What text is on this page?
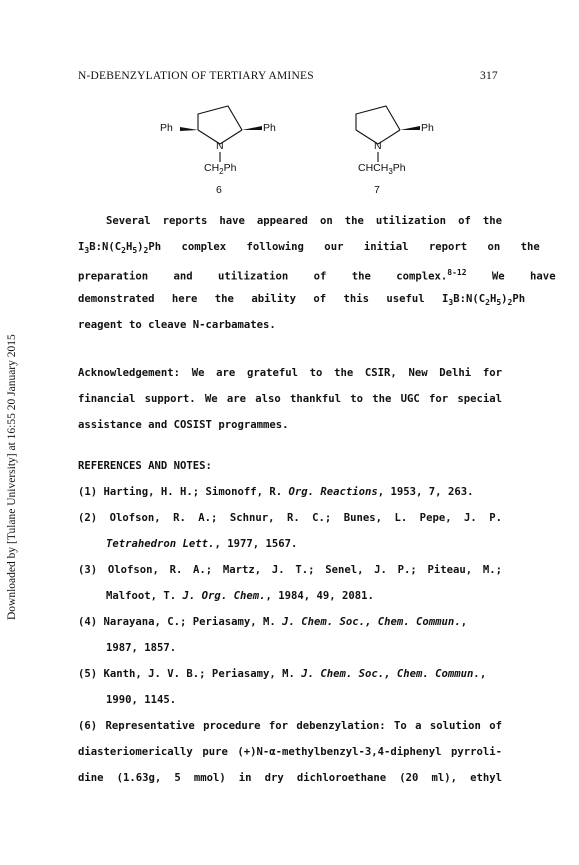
N-DEBENZYLATION OF TERTIARY AMINES	317
Downloaded by [Tulane University] at 16:55 20 January 2015
Ph	Ph
N
$CH_2Ph$
6
Ph
N
$CHCH_3Ph$
7
Several reports have appeared on the utilization of the
$I_3B:N(C_2H_5)_2Ph$ complex following our initial report on the
preparation and utilization of the complex.$^{8-12}$ We have
demonstrated here the ability of this useful $I_3B:N(C_2H_5)_2Ph$
reagent to cleave N-carbamates.
Acknowledgement: We are grateful to the CSIR, New Delhi for
financial support. We are also thankful to the UGC for special
assistance and COSIST programmes.
REFERENCES AND NOTES:
(1) Harting, H. H.; Simonoff, R. Org. Reactions, 1953, 7, 263.
(2) Olofson, R. A.; Schnur, R. C.; Bunes, L. Pepe, J. P.
Tetrahedron Lett., 1977, 1567.
(3) Olofson, R. A.; Martz, J. T.; Senel, J. P.; Piteau, M.;
Malfoot, T. J. Org. Chem., 1984, 49, 2081.
(4) Narayana, C.; Periasamy, M. J. Chem. Soc., Chem. Commun.,
1987, 1857.
(5) Kanth, J. V. B.; Periasamy, M. J. Chem. Soc., Chem. Commun.,
1990, 1145.
(6) Representative procedure for debenzylation: To a solution of
diasteriomerically pure (+)N-α-methylbenzyl-3,4-diphenyl pyrroli-
dine (1.63g, 5 mmol) in dry dichloroethane (20 ml), ethyl
